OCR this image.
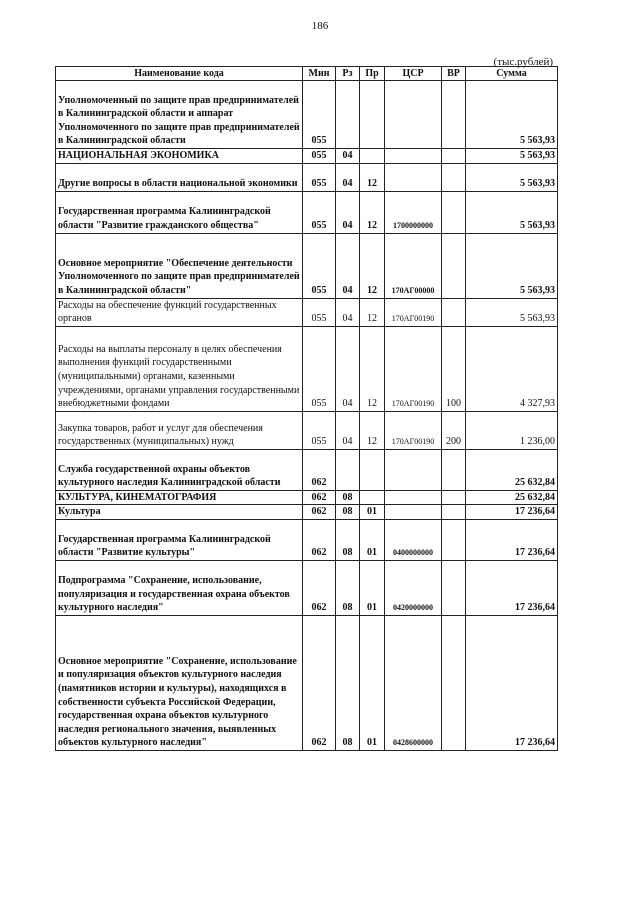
186
(тыс.рублей)
Наименование кода	Мин	Рз	Пр	ЦСР	ВР	Сумма
Уполномоченный по защите прав предпринимателей в Калининградской области и аппарат Уполномоченного по защите прав предпринимателей в Калининградской области	055					5 563,93
НАЦИОНАЛЬНАЯ ЭКОНОМИКА	055	04				5 563,93
Другие вопросы в области национальной экономики	055	04	12			5 563,93
Государственная программа Калининградской области "Развитие гражданского общества"	055	04	12	1700000000		5 563,93
Основное мероприятие "Обеспечение деятельности Уполномоченного по защите прав предпринимателей в Калининградской области"	055	04	12	170АГ00000		5 563,93
Расходы на обеспечение функций государственных органов	055	04	12	170АГ00190		5 563,93
Расходы на выплаты персоналу в целях обеспечения выполнения функций государственными (муниципальными) органами, казенными учреждениями, органами управления государственными внебюджетными фондами	055	04	12	170АГ00190	100	4 327,93
Закупка товаров, работ и услуг для обеспечения государственных (муниципальных) нужд	055	04	12	170АГ00190	200	1 236,00
Служба государственной охраны объектов культурного наследия Калининградской области	062					25 632,84
КУЛЬТУРА, КИНЕМАТОГРАФИЯ	062	08				25 632,84
Культура	062	08	01			17 236,64
Государственная программа Калининградской области "Развитие культуры"	062	08	01	0400000000		17 236,64
Подпрограмма "Сохранение, использование, популяризация и государственная охрана объектов культурного наследия"	062	08	01	0420000000		17 236,64
Основное мероприятие "Сохранение, использование и популяризация объектов культурного наследия (памятников истории и культуры), находящихся в собственности субъекта Российской Федерации, государственная охрана объектов культурного наследия регионального значения, выявленных объектов культурного наследия"	062	08	01	0428600000		17 236,64
